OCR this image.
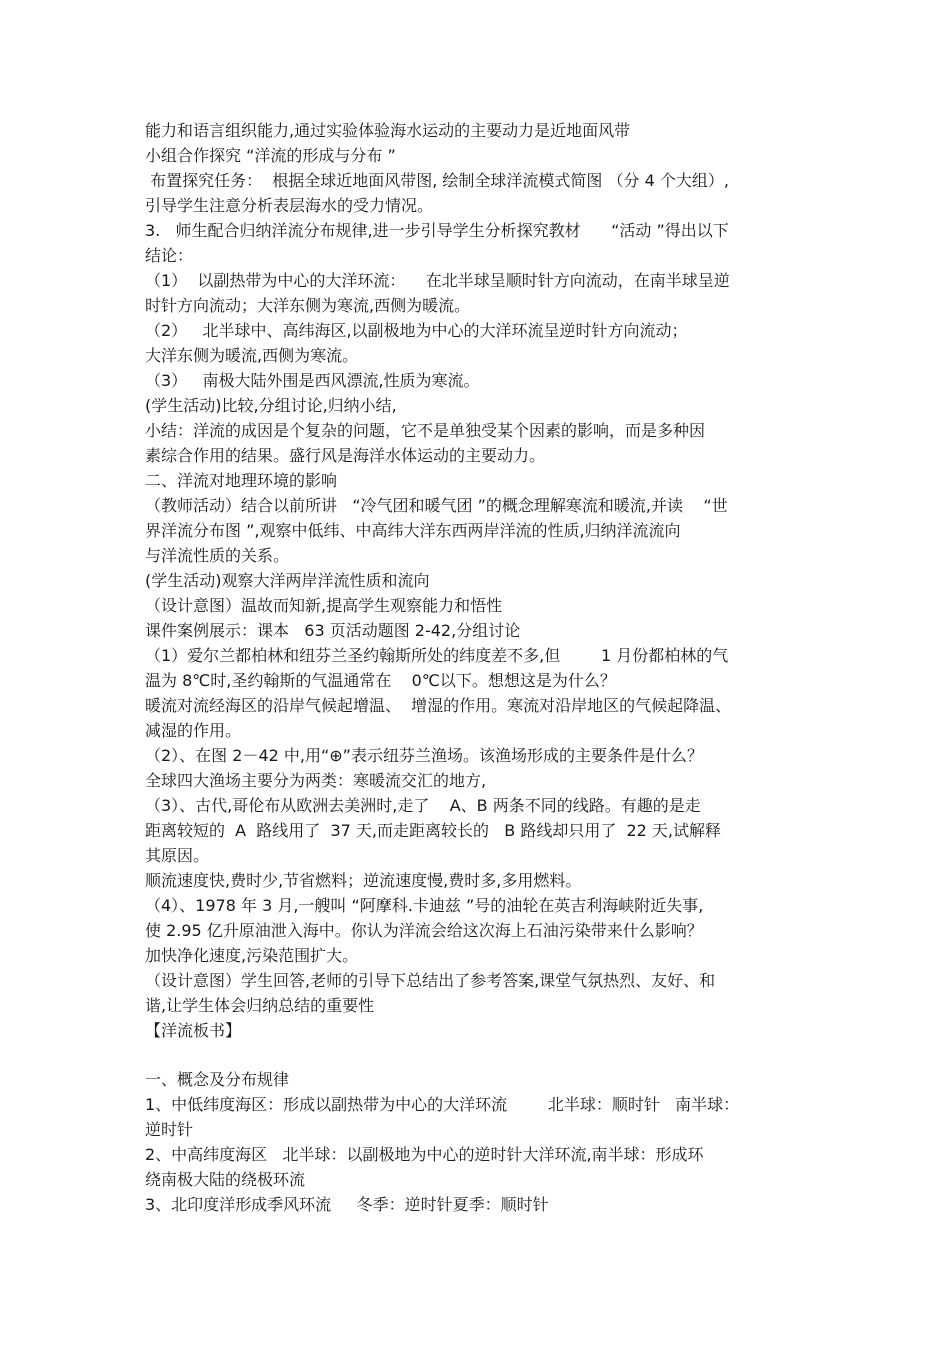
能力和语言组织能力,通过实验体验海水运动的主要动力是近地面风带
小组合作探究 “洋流的形成与分布 ”
布置探究任务：  根据全球近地面风带图, 绘制全球洋流模式简图 （分 4 个大组）,
引导学生注意分析表层海水的受力情况。
3.   师生配合归纳洋流分布规律,进一步引导学生分析探究教材      “活动 ”得出以下
结论：
（1）  以副热带为中心的大洋环流：    在北半球呈顺时针方向流动，在南半球呈逆
时针方向流动；大洋东侧为寒流,西侧为暖流。
（2）   北半球中、高纬海区,以副极地为中心的大洋环流呈逆时针方向流动；
大洋东侧为暖流,西侧为寒流。
（3）   南极大陆外围是西风漂流,性质为寒流。
(学生活动)比较,分组讨论,归纳小结,
小结：洋流的成因是个复杂的问题，它不是单独受某个因素的影响，而是多种因
素综合作用的结果。盛行风是海洋水体运动的主要动力。
二、洋流对地理环境的影响
（教师活动）结合以前所讲   “冷气团和暖气团 ”的概念理解寒流和暖流,并读    “世
界洋流分布图 ”,观察中低纬、中高纬大洋东西两岸洋流的性质,归纳洋流流向
与洋流性质的关系。
(学生活动)观察大洋两岸洋流性质和流向
（设计意图）温故而知新,提高学生观察能力和悟性
课件案例展示：课本   63 页活动题图 2-42,分组讨论
（1）爱尔兰都柏林和纽芬兰圣约翰斯所处的纬度差不多,但        1 月份都柏林的气
温为 8℃时,圣约翰斯的气温通常在    0℃以下。想想这是为什么？
暖流对流经海区的沿岸气候起增温、  增湿的作用。寒流对沿岸地区的气候起降温、
减湿的作用。
（2）、在图 2－42 中,用“⊕”表示纽芬兰渔场。该渔场形成的主要条件是什么？
全球四大渔场主要分为两类：寒暖流交汇的地方,
（3）、古代,哥伦布从欧洲去美洲时,走了    A、B 两条不同的线路。有趣的是走
距离较短的  A  路线用了  37 天,而走距离较长的   B 路线却只用了  22 天,试解释
其原因。
顺流速度快,费时少,节省燃料；逆流速度慢,费时多,多用燃料。
（4）、1978 年 3 月,一艘叫 “阿摩科.卡迪兹 ”号的油轮在英吉利海峡附近失事,
使 2.95 亿升原油泄入海中。你认为洋流会给这次海上石油污染带来什么影响？
加快净化速度,污染范围扩大。
（设计意图）学生回答,老师的引导下总结出了参考答案,课堂气氛热烈、友好、和
谐,让学生体会归纳总结的重要性
【洋流板书】
一、概念及分布规律
1、中低纬度海区：形成以副热带为中心的大洋环流        北半球：顺时针   南半球：
逆时针
2、中高纬度海区   北半球：以副极地为中心的逆时针大洋环流,南半球：形成环
绕南极大陆的绕极环流
3、北印度洋形成季风环流     冬季：逆时针夏季：顺时针
